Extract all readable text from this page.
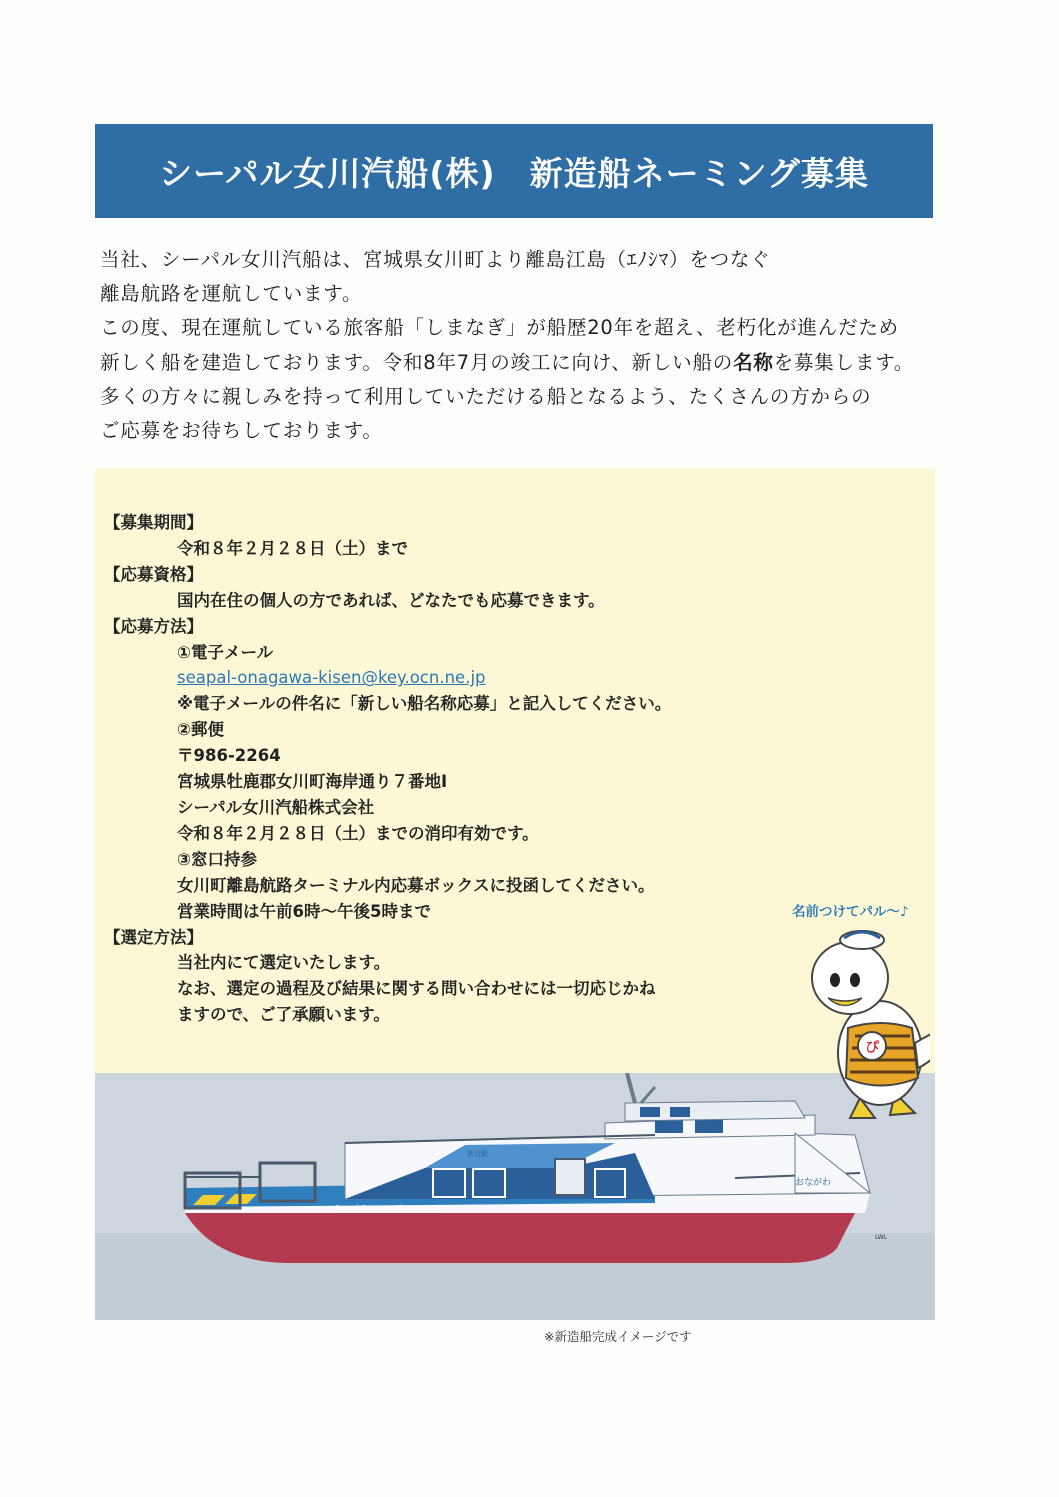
シーパル女川汽船(株)　新造船ネーミング募集

当社、シーパル女川汽船は、宮城県女川町より離島江島（ｴﾉｼﾏ）をつなぐ

離島航路を運航しています。

この度、現在運航している旅客船「しまなぎ」が船歴20年を超え、老朽化が進んだため

新しく船を建造しております。令和8年7月の竣工に向け、新しい船の名称を募集します。

多くの方々に親しみを持って利用していただける船となるよう、たくさんの方からの

ご応募をお待ちしております。

【募集期間】
令和８年２月２８日（土）まで
【応募資格】
国内在住の個人の方であれば、どなたでも応募できます。
【応募方法】
①電子メール
seapal-onagawa-kisen@key.ocn.ne.jp
※電子メールの件名に「新しい船名称応募」と記入してください。
②郵便
〒986-2264
宮城県牡鹿郡女川町海岸通り７番地Ⅰ
シーパル女川汽船株式会社
令和８年２月２８日（土）までの消印有効です。
③窓口持参
女川町離島航路ターミナル内応募ボックスに投函してください。
営業時間は午前6時～午後5時まで
【選定方法】
当社内にて選定いたします。
なお、選定の過程及び結果に関する問い合わせには一切応じかね
ますので、ご了承願います。
Seapal Onagawa Kisen co.,Ltd
おながわ
新造船
LWL
ぴ
名前つけてパル～♪
※新造船完成イメージです
